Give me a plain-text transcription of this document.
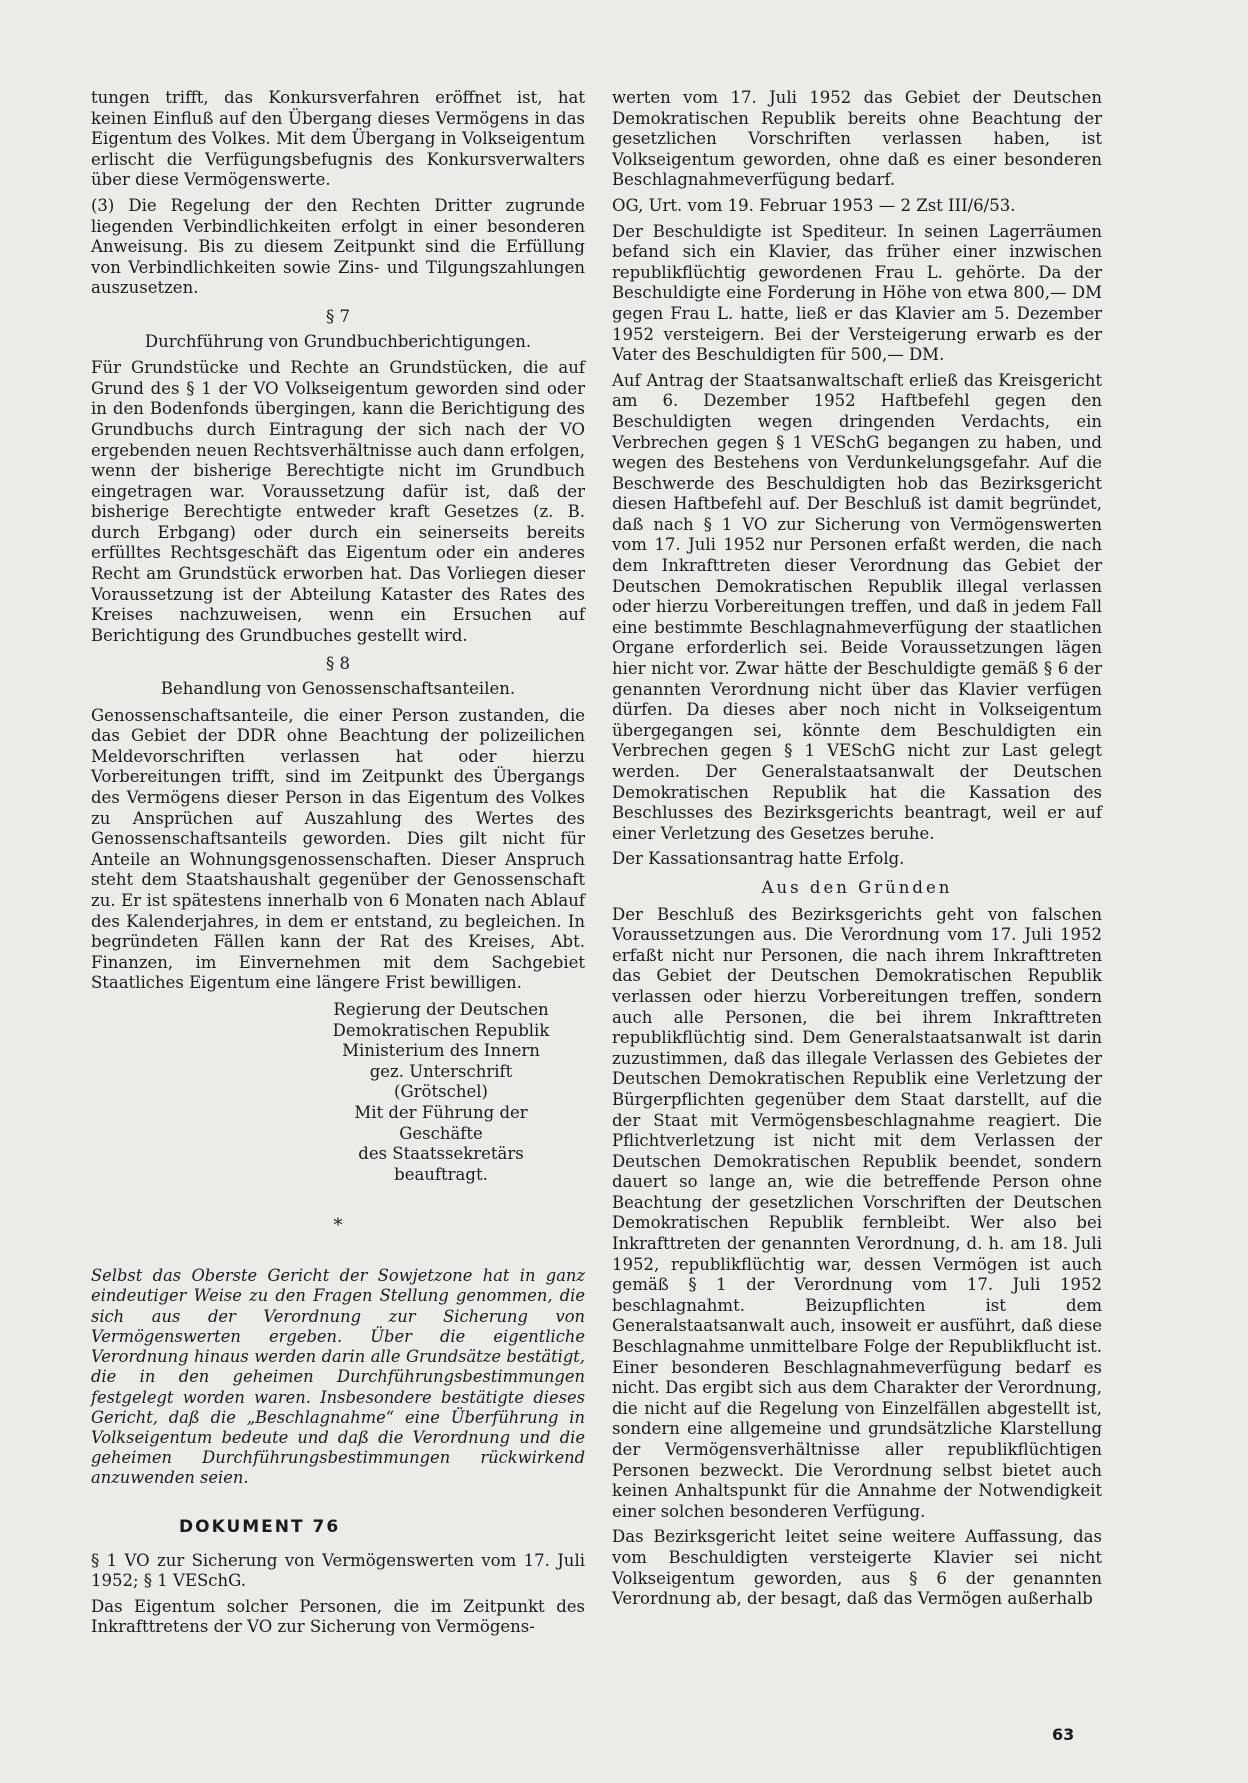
tungen trifft, das Konkursverfahren eröffnet ist, hat keinen Einfluß auf den Übergang dieses Vermögens in das Eigentum des Volkes. Mit dem Übergang in Volkseigentum erlischt die Verfügungsbefugnis des Konkursverwalters über diese Vermögenswerte.

(3) Die Regelung der den Rechten Dritter zugrunde liegenden Verbindlichkeiten erfolgt in einer besonderen Anweisung. Bis zu diesem Zeitpunkt sind die Erfüllung von Verbindlichkeiten sowie Zins- und Tilgungszahlungen auszusetzen.

§ 7

Durchführung von Grundbuchberichtigungen.

Für Grundstücke und Rechte an Grundstücken, die auf Grund des § 1 der VO Volkseigentum geworden sind oder in den Bodenfonds übergingen, kann die Berichtigung des Grundbuchs durch Eintragung der sich nach der VO ergebenden neuen Rechtsverhältnisse auch dann erfolgen, wenn der bisherige Berechtigte nicht im Grundbuch eingetragen war. Voraussetzung dafür ist, daß der bisherige Berechtigte entweder kraft Gesetzes (z. B. durch Erbgang) oder durch ein seinerseits bereits erfülltes Rechtsgeschäft das Eigentum oder ein anderes Recht am Grundstück erworben hat. Das Vorliegen dieser Voraussetzung ist der Abteilung Kataster des Rates des Kreises nachzuweisen, wenn ein Ersuchen auf Berichtigung des Grundbuches gestellt wird.

§ 8

Behandlung von Genossenschaftsanteilen.

Genossenschaftsanteile, die einer Person zustanden, die das Gebiet der DDR ohne Beachtung der polizeilichen Meldevorschriften verlassen hat oder hierzu Vorbereitungen trifft, sind im Zeitpunkt des Übergangs des Vermögens dieser Person in das Eigentum des Volkes zu Ansprüchen auf Auszahlung des Wertes des Genossenschaftsanteils geworden. Dies gilt nicht für Anteile an Wohnungsgenossenschaften. Dieser Anspruch steht dem Staatshaushalt gegenüber der Genossenschaft zu. Er ist spätestens innerhalb von 6 Monaten nach Ablauf des Kalenderjahres, in dem er entstand, zu begleichen. In begründeten Fällen kann der Rat des Kreises, Abt. Finanzen, im Einvernehmen mit dem Sachgebiet Staatliches Eigentum eine längere Frist bewilligen.

Regierung der Deutschen
Demokratischen Republik
Ministerium des Innern
gez. Unterschrift
(Grötschel)
Mit der Führung der Geschäfte
des Staatssekretärs beauftragt.
*

Selbst das Oberste Gericht der Sowjetzone hat in ganz eindeutiger Weise zu den Fragen Stellung genommen, die sich aus der Verordnung zur Sicherung von Vermögenswerten ergeben. Über die eigentliche Verordnung hinaus werden darin alle Grundsätze bestätigt, die in den geheimen Durchführungsbestimmungen festgelegt worden waren. Insbesondere bestätigte dieses Gericht, daß die „Beschlagnahme“ eine Überführung in Volkseigentum bedeute und daß die Verordnung und die geheimen Durchführungsbestimmungen rückwirkend anzuwenden seien.

DOKUMENT 76

§ 1 VO zur Sicherung von Vermögenswerten vom 17. Juli 1952; § 1 VESchG.

Das Eigentum solcher Personen, die im Zeitpunkt des Inkrafttretens der VO zur Sicherung von Vermögens-

werten vom 17. Juli 1952 das Gebiet der Deutschen Demokratischen Republik bereits ohne Beachtung der gesetzlichen Vorschriften verlassen haben, ist Volkseigentum geworden, ohne daß es einer besonderen Beschlagnahmeverfügung bedarf.

OG, Urt. vom 19. Februar 1953 — 2 Zst III/6/53.

Der Beschuldigte ist Spediteur. In seinen Lagerräumen befand sich ein Klavier, das früher einer inzwischen republikflüchtig gewordenen Frau L. gehörte. Da der Beschuldigte eine Forderung in Höhe von etwa 800,— DM gegen Frau L. hatte, ließ er das Klavier am 5. Dezember 1952 versteigern. Bei der Versteigerung erwarb es der Vater des Beschuldigten für 500,— DM.

Auf Antrag der Staatsanwaltschaft erließ das Kreisgericht am 6. Dezember 1952 Haftbefehl gegen den Beschuldigten wegen dringenden Verdachts, ein Verbrechen gegen § 1 VESchG begangen zu haben, und wegen des Bestehens von Verdunkelungsgefahr. Auf die Beschwerde des Beschuldigten hob das Bezirksgericht diesen Haftbefehl auf. Der Beschluß ist damit begründet, daß nach § 1 VO zur Sicherung von Vermögenswerten vom 17. Juli 1952 nur Personen erfaßt werden, die nach dem Inkrafttreten dieser Verordnung das Gebiet der Deutschen Demokratischen Republik illegal verlassen oder hierzu Vorbereitungen treffen, und daß in jedem Fall eine bestimmte Beschlagnahmeverfügung der staatlichen Organe erforderlich sei. Beide Voraussetzungen lägen hier nicht vor. Zwar hätte der Beschuldigte gemäß § 6 der genannten Verordnung nicht über das Klavier verfügen dürfen. Da dieses aber noch nicht in Volkseigentum übergegangen sei, könnte dem Beschuldigten ein Verbrechen gegen § 1 VESchG nicht zur Last gelegt werden. Der Generalstaatsanwalt der Deutschen Demokratischen Republik hat die Kassation des Beschlusses des Bezirksgerichts beantragt, weil er auf einer Verletzung des Gesetzes beruhe.

Der Kassationsantrag hatte Erfolg.

Aus den Gründen

Der Beschluß des Bezirksgerichts geht von falschen Voraussetzungen aus. Die Verordnung vom 17. Juli 1952 erfaßt nicht nur Personen, die nach ihrem Inkrafttreten das Gebiet der Deutschen Demokratischen Republik verlassen oder hierzu Vorbereitungen treffen, sondern auch alle Personen, die bei ihrem Inkrafttreten republikflüchtig sind. Dem Generalstaatsanwalt ist darin zuzustimmen, daß das illegale Verlassen des Gebietes der Deutschen Demokratischen Republik eine Verletzung der Bürgerpflichten gegenüber dem Staat darstellt, auf die der Staat mit Vermögensbeschlagnahme reagiert. Die Pflichtverletzung ist nicht mit dem Verlassen der Deutschen Demokratischen Republik beendet, sondern dauert so lange an, wie die betreffende Person ohne Beachtung der gesetzlichen Vorschriften der Deutschen Demokratischen Republik fernbleibt. Wer also bei Inkrafttreten der genannten Verordnung, d. h. am 18. Juli 1952, republikflüchtig war, dessen Vermögen ist auch gemäß § 1 der Verordnung vom 17. Juli 1952 beschlagnahmt. Beizupflichten ist dem Generalstaatsanwalt auch, insoweit er ausführt, daß diese Beschlagnahme unmittelbare Folge der Republikflucht ist. Einer besonderen Beschlagnahmeverfügung bedarf es nicht. Das ergibt sich aus dem Charakter der Verordnung, die nicht auf die Regelung von Einzelfällen abgestellt ist, sondern eine allgemeine und grundsätzliche Klarstellung der Vermögensverhältnisse aller republikflüchtigen Personen bezweckt. Die Verordnung selbst bietet auch keinen Anhaltspunkt für die Annahme der Notwendigkeit einer solchen besonderen Verfügung.

Das Bezirksgericht leitet seine weitere Auffassung, das vom Beschuldigten versteigerte Klavier sei nicht Volkseigentum geworden, aus § 6 der genannten Verordnung ab, der besagt, daß das Vermögen außerhalb

63
